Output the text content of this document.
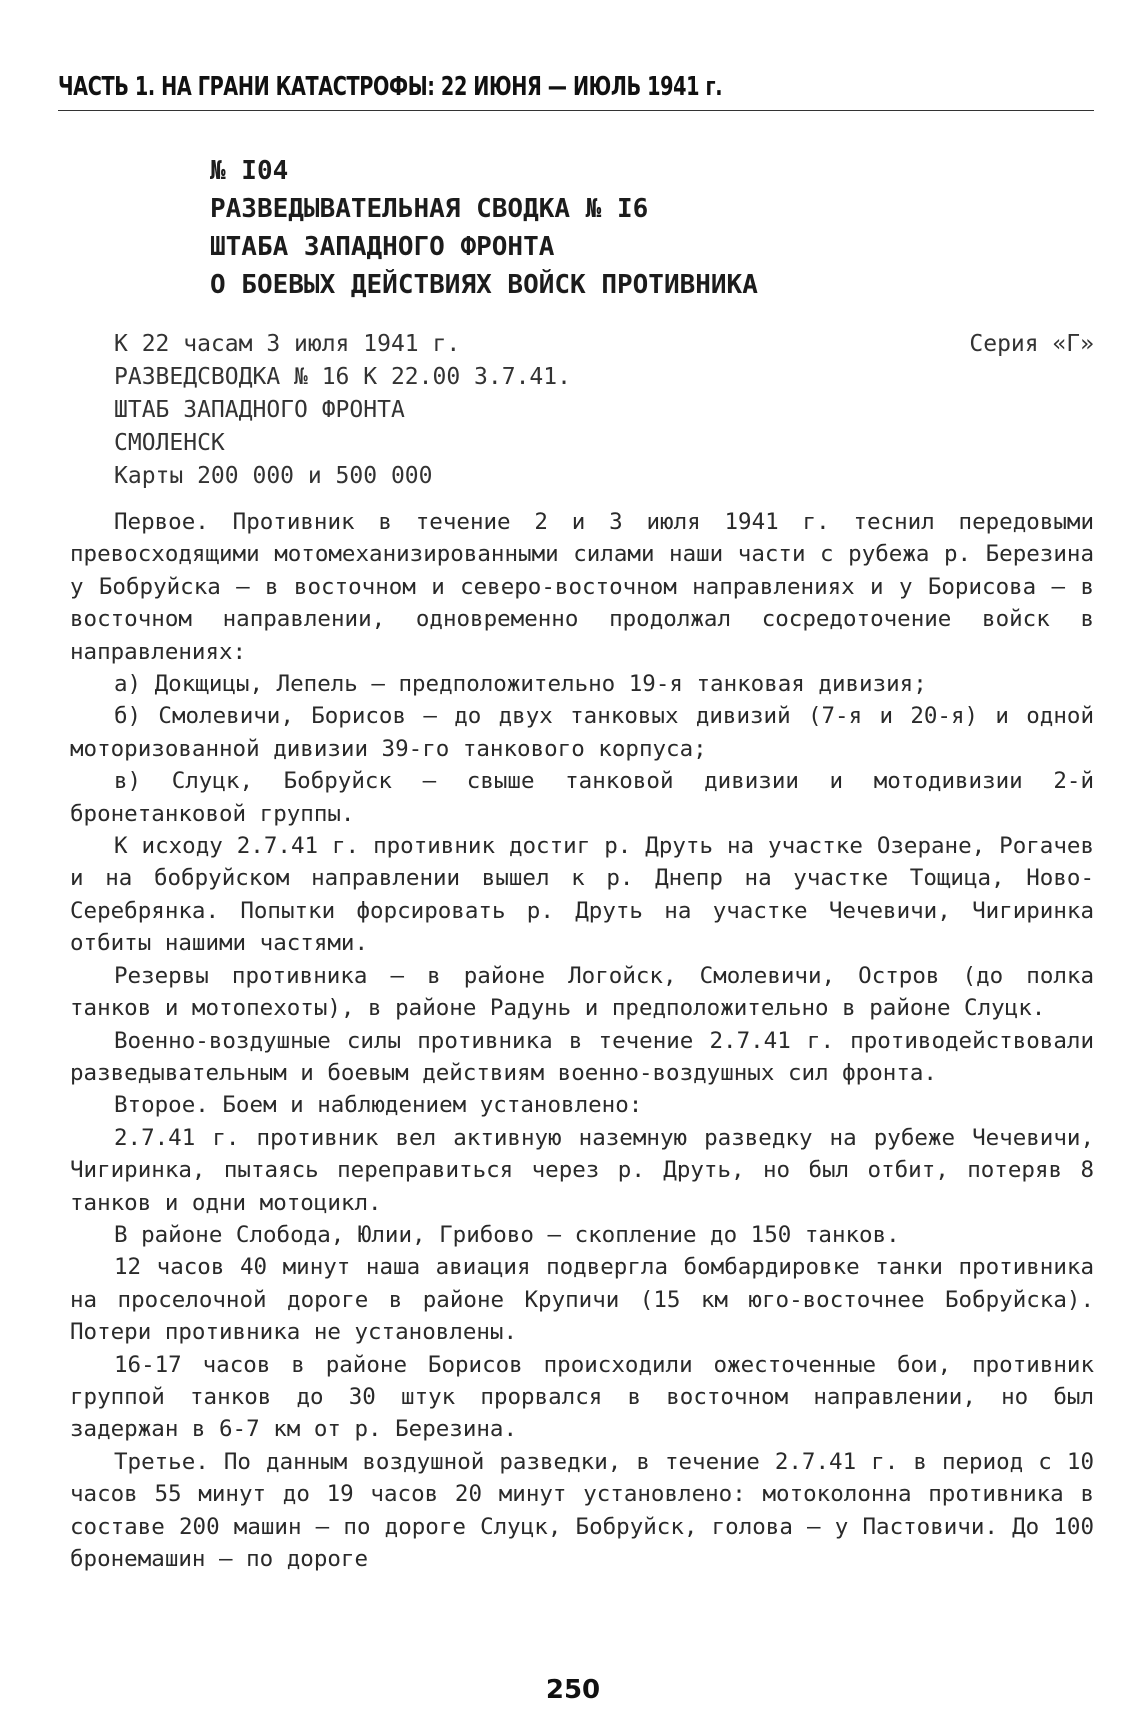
ЧАСТЬ 1. НА ГРАНИ КАТАСТРОФЫ: 22 ИЮНЯ — ИЮЛЬ 1941 г.
№ I04
РАЗВЕДЫВАТЕЛЬНАЯ СВОДКА № I6
ШТАБА ЗАПАДНОГО ФРОНТА
О БОЕВЫХ ДЕЙСТВИЯХ ВОЙСК ПРОТИВНИКА
К 22 часам 3 июля 1941 г.	Серия «Г»
РАЗВЕДСВОДКА № 16 К 22.00 3.7.41.
ШТАБ ЗАПАДНОГО ФРОНТА
СМОЛЕНСК
Карты 200 000 и 500 000

Первое. Противник в течение 2 и 3 июля 1941 г. теснил передовыми превосходящими мотомеханизированными силами наши части с рубежа р. Березина у Бобруйска – в восточном и северо-восточном направлениях и у Борисова – в восточном направлении, одновременно продолжал сосредоточение войск в направлениях:

а) Докщицы, Лепель – предположительно 19-я танковая дивизия;

б) Смолевичи, Борисов – до двух танковых дивизий (7-я и 20-я) и одной моторизованной дивизии 39-го танкового корпуса;

в) Слуцк, Бобруйск – свыше танковой дивизии и мотодивизии 2-й бронетанковой группы.

К исходу 2.7.41 г. противник достиг р. Друть на участке Озеране, Рогачев и на бобруйском направлении вышел к р. Днепр на участке Тощица, Ново-Серебрянка. Попытки форсировать р. Друть на участке Чечевичи, Чигиринка отбиты нашими частями.

Резервы противника – в районе Логойск, Смолевичи, Остров (до полка танков и мотопехоты), в районе Радунь и предположительно в районе Слуцк.

Военно-воздушные силы противника в течение 2.7.41 г. противодействовали разведывательным и боевым действиям военно-воздушных сил фронта.

Второе. Боем и наблюдением установлено:

2.7.41 г. противник вел активную наземную разведку на рубеже Чечевичи, Чигиринка, пытаясь переправиться через р. Друть, но был отбит, потеряв 8 танков и одни мотоцикл.

В районе Слобода, Юлии, Грибово – скопление до 150 танков.

12 часов 40 минут наша авиация подвергла бомбардировке танки противника на проселочной дороге в районе Крупичи (15 км юго-восточнее Бобруйска). Потери противника не установлены.

16-17 часов в районе Борисов происходили ожесточенные бои, противник группой танков до 30 штук прорвался в восточном направлении, но был задержан в 6-7 км от р. Березина.

Третье. По данным воздушной разведки, в течение 2.7.41 г. в период с 10 часов 55 минут до 19 часов 20 минут установлено: мотоколонна противника в составе 200 машин – по дороге Слуцк, Бобруйск, голова – у Пастовичи. До 100 бронемашин – по дороге

250
